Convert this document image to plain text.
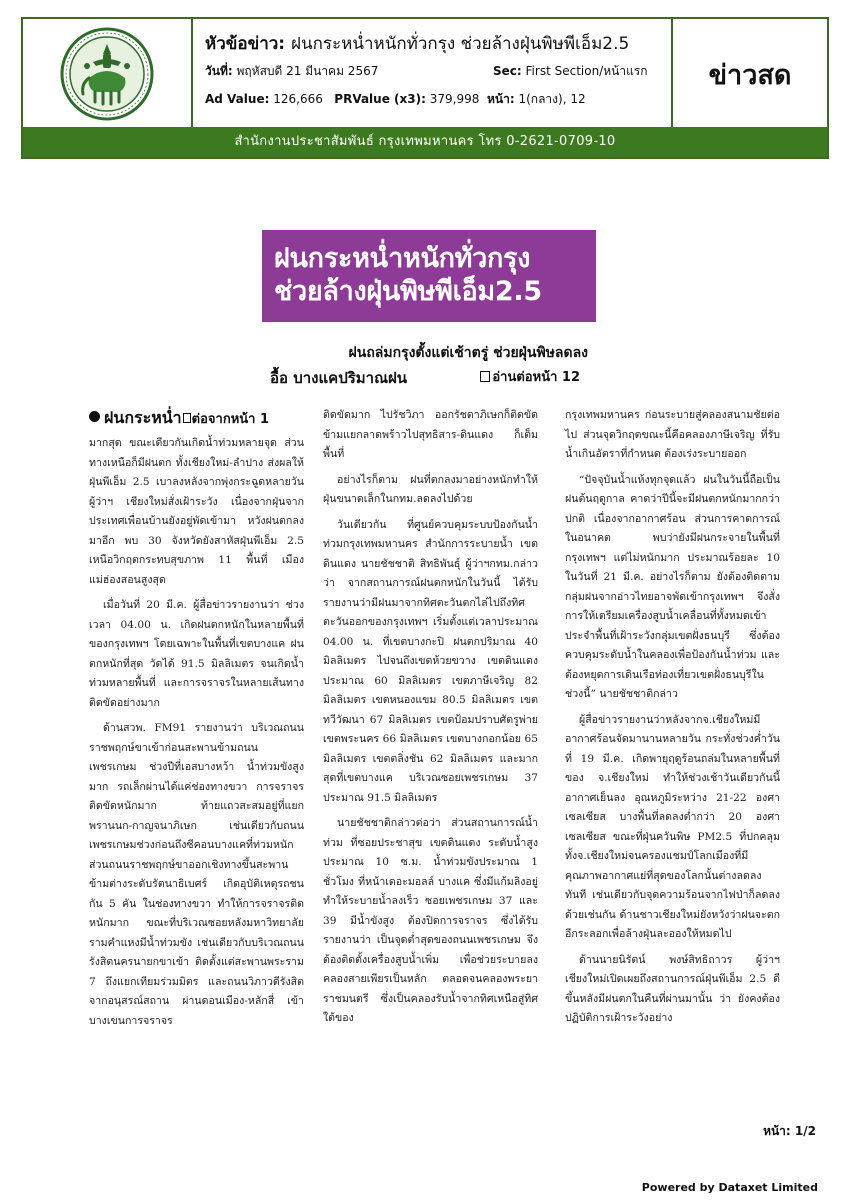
หัวข้อข่าว: ฝนกระหน่ำหนักทั่วกรุง ช่วยล้างฝุ่นพิษพีเอ็ม2.5
วันที่: พฤหัสบดี 21 มีนาคม 2567	Sec: First Section/หน้าแรก
Ad Value: 126,666 PRValue (x3): 379,998 หน้า: 1(กลาง), 12
ข่าวสด
สำนักงานประชาสัมพันธ์ กรุงเทพมหานคร โทร 0-2621-0709-10
ฝนกระหน่ำหนักทั่วกรุง
ช่วยล้างฝุ่นพิษพีเอ็ม2.5
ฝนถล่มกรุงตั้งแต่เช้าตรู่ ช่วยฝุ่นพิษลดลง
อื้อ บางแคปริมาณฝน	อ่านต่อหน้า 12
ฝนกระหน่ำ ต่อจากหน้า 1

มากสุด ขณะเดียวกันเกิดน้ำท่วมหลายจุด ส่วนทางเหนือก็มีฝนตก ทั้งเชียงใหม่-ลำปาง ส่งผลให้ฝุ่นพีเอ็ม 2.5 เบาลงหลังจากพุ่งกระฉูดหลายวัน ผู้ว่าฯ เชียงใหม่สั่งเฝ้าระวัง เนื่องจากฝุ่นจากประเทศเพื่อนบ้านยังอยู่พัดเข้ามา หวังฝนตกลงมาอีก พบ 30 จังหวัดยังสาหัสฝุ่นพีเอ็ม 2.5 เหนือวิกฤตกระทบสุขภาพ 11 พื้นที่ เมืองแม่ฮ่องสอนสูงสุด

เมื่อวันที่ 20 มี.ค. ผู้สื่อข่าวรายงานว่า ช่วงเวลา 04.00 น. เกิดฝนตกหนักในหลายพื้นที่ของกรุงเทพฯ โดยเฉพาะในพื้นที่เขตบางแค ฝนตกหนักที่สุด วัดได้ 91.5 มิลลิเมตร จนเกิดน้ำท่วมหลายพื้นที่ และการจราจรในหลายเส้นทางติดขัดอย่างมาก

ด้านสวพ. FM91 รายงานว่า บริเวณถนนราชพฤกษ์ขาเข้าก่อนสะพานข้ามถนนเพชรเกษม ช่วงปีที่เอสบางหว้า น้ำท่วมขังสูงมาก รถเล็กผ่านได้แค่ช่องทางขวา การจราจรติดขัดหนักมาก ท้ายแถวสะสมอยู่ที่แยกพรานนก-กาญจนาภิเษก เช่นเดียวกับถนนเพชรเกษมช่วงก่อนถึงซีคอนบางแคที่ท่วมหนัก ส่วนถนนราชพฤกษ์ขาออกเชิงทางขึ้นสะพานข้ามต่างระดับรัตนาธิเบศร์ เกิดอุบัติเหตุรถชนกัน 5 คัน ในช่องทางขวา ทำให้การจราจรติดหนักมาก ขณะที่บริเวณซอยหลังมหาวิทยาลัยรามคำแหงมีน้ำท่วมขัง เช่นเดียวกับบริเวณถนนรังสิตนครนายกขาเข้า ติดตั้งแต่สะพานพระราม 7 ถึงแยกเทียมร่วมมิตร และถนนวิภาวดีรังสิต จากอนุสรณ์สถาน ผ่านดอนเมือง-หลักสี่ เข้าบางเขนการจราจร

ติดขัดมาก ไปรัชวิภา ออกรัชดาภิเษกก็ติดขัด ข้ามแยกลาดพร้าวไปสุทธิสาร-ดินแดง ก็เต็มพื้นที่

อย่างไรก็ตาม ฝนที่ตกลงมาอย่างหนักทำให้ฝุ่นขนาดเล็กในกทม.ลดลงไปด้วย

วันเดียวกัน ที่ศูนย์ควบคุมระบบป้องกันน้ำท่วมกรุงเทพมหานคร สำนักการระบายน้ำ เขตดินแดง นายชัชชาติ สิทธิพันธุ์ ผู้ว่าฯกทม.กล่าวว่า จากสถานการณ์ฝนตกหนักในวันนี้ ได้รับรายงานว่ามีฝนมาจากทิศตะวันตกไล่ไปถึงทิศตะวันออกของกรุงเทพฯ เริ่มตั้งแต่เวลาประมาณ 04.00 น. ที่เขตบางกะปิ ฝนตกปริมาณ 40 มิลลิเมตร ไปจนถึงเขตห้วยขวาง เขตดินแดง ประมาณ 60 มิลลิเมตร เขตภาษีเจริญ 82 มิลลิเมตร เขตหนองแขม 80.5 มิลลิเมตร เขตทวีวัฒนา 67 มิลลิเมตร เขตป้อมปราบศัตรูพ่าย เขตพระนคร 66 มิลลิเมตร เขตบางกอกน้อย 65 มิลลิเมตร เขตตลิ่งชัน 62 มิลลิเมตร และมากสุดที่เขตบางแค บริเวณซอยเพชรเกษม 37 ประมาณ 91.5 มิลลิเมตร

นายชัชชาติกล่าวต่อว่า ส่วนสถานการณ์น้ำท่วม ที่ซอยประชาสุข เขตดินแดง ระดับน้ำสูงประมาณ 10 ซ.ม. น้ำท่วมขังประมาณ 1 ชั่วโมง ที่หน้าเดอะมอลล์ บางแค ซึ่งมีแก้มลิงอยู่ ทำให้ระบายน้ำลงเร็ว ซอยเพชรเกษม 37 และ 39 มีน้ำขังสูง ต้องปิดการจราจร ซึ่งได้รับรายงานว่า เป็นจุดต่ำสุดของถนนเพชรเกษม จึงต้องติดตั้งเครื่องสูบน้ำเพิ่ม เพื่อช่วยระบายลงคลองสายเพียรเป็นหลัก ตลอดจนคลองพระยาราชมนตรี ซึ่งเป็นคลองรับน้ำจากทิศเหนือสู่ทิศใต้ของ

กรุงเทพมหานคร ก่อนระบายสู่คลองสนามชัยต่อไป ส่วนจุดวิกฤตขณะนี้คือคลองภาษีเจริญ ที่รับน้ำเกินอัตราที่กำหนด ต้องเร่งระบายออก

“ปัจจุบันน้ำแห้งทุกจุดแล้ว ฝนในวันนี้ถือเป็นฝนต้นฤดูกาล คาดว่าปีนี้จะมีฝนตกหนักมากกว่าปกติ เนื่องจากอากาศร้อน ส่วนการคาดการณ์ในอนาคต พบว่ายังมีฝนกระจายในพื้นที่กรุงเทพฯ แต่ไม่หนักมาก ประมาณร้อยละ 10 ในวันที่ 21 มี.ค. อย่างไรก็ตาม ยังต้องติดตามกลุ่มฝนจากอ่าวไทยอาจพัดเข้ากรุงเทพฯ จึงสั่งการให้เตรียมเครื่องสูบน้ำเคลื่อนที่ทั้งหมดเข้าประจำพื้นที่เฝ้าระวังกลุ่มเขตฝั่งธนบุรี ซึ่งต้องควบคุมระดับน้ำในคลองเพื่อป้องกันน้ำท่วม และต้องหยุดการเดินเรือท่องเที่ยวเขตฝั่งธนบุรีในช่วงนี้” นายชัชชาติกล่าว

ผู้สื่อข่าวรายงานว่าหลังจากจ.เชียงใหม่มีอากาศร้อนจัดมานานหลายวัน กระทั่งช่วงค่ำวันที่ 19 มี.ค. เกิดพายุฤดูร้อนถล่มในหลายพื้นที่ของ จ.เชียงใหม่ ทำให้ช่วงเช้าวันเดียวกันนี้อากาศเย็นลง อุณหภูมิระหว่าง 21-22 องศาเซลเซียส บางพื้นที่ลดลงต่ำกว่า 20 องศาเซลเซียส ขณะที่ฝุ่นควันพิษ PM2.5 ที่ปกคลุมทั้งจ.เชียงใหม่จนครองแชมป์โลกเมืองที่มีคุณภาพอากาศแย่ที่สุดของโลกนั้นต่างลดลงทันที เช่นเดียวกับจุดความร้อนจากไฟป่าก็ลดลงด้วยเช่นกัน ด้านชาวเชียงใหม่ยังหวังว่าฝนจะตกอีกระลอกเพื่อล้างฝุ่นละอองให้หมดไป

ด้านนายนิรัตน์ พงษ์สิทธิถาวร ผู้ว่าฯเชียงใหม่เปิดเผยถึงสถานการณ์ฝุ่นพีเอ็ม 2.5 ดีขึ้นหลังมีฝนตกในคืนที่ผ่านมานั้น ว่า ยังคงต้องปฏิบัติการเฝ้าระวังอย่าง

หน้า: 1/2
Powered by Dataxet Limited
